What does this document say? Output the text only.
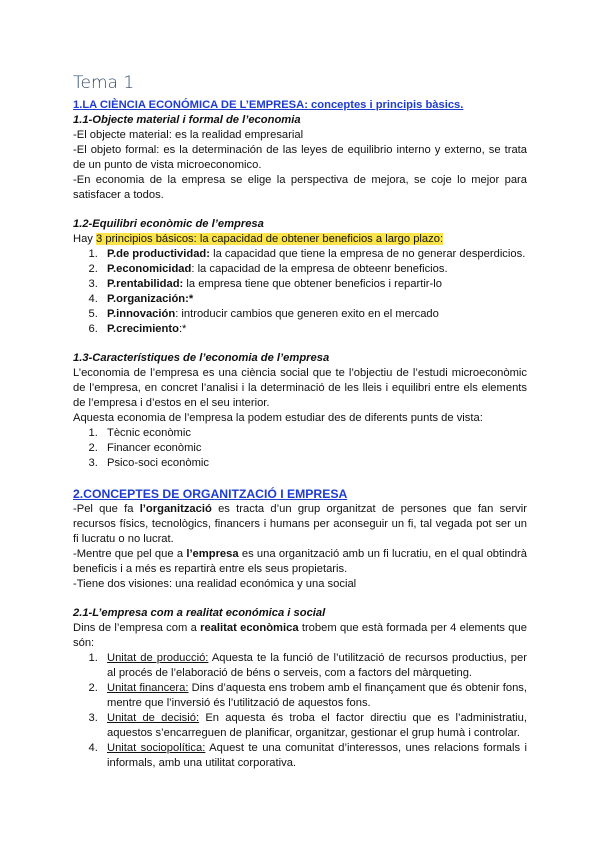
Tema 1

1.LA CIÈNCIA ECONÓMICA DE L’EMPRESA: conceptes i principis bàsics.

1.1-Objecte material i formal de l’economia

-El objecte material: es la realidad empresarial

-El objeto formal: es la determinación de las leyes de equilibrio interno y externo, se trata de un punto de vista microeconomico.

-En economia de la empresa se elige la perspectiva de mejora, se coje lo mejor para satisfacer a todos.

1.2-Equilibri econòmic de l’empresa

Hay 3 principios básicos: la capacidad de obtener beneficios a largo plazo:

1. P.de productividad: la capacidad que tiene la empresa de no generar desperdicios.
2. P.economicidad: la capacidad de la empresa de obteenr beneficios.
3. P.rentabilidad: la empresa tiene que obtener beneficios i repartir-lo
4. P.organización:*
5. P.innovación: introducir cambios que generen exito en el mercado
6. P.crecimiento:*

1.3-Característiques de l’economia de l’empresa

L’economia de l’empresa es una ciència social que te l’objectiu de l’estudi microeconòmic de l’empresa, en concret l’analisi i la determinació de les lleis i equilibri entre els elements de l’empresa i d’estos en el seu interior.

Aquesta economia de l’empresa la podem estudiar des de diferents punts de vista:

1. Tècnic econòmic
2. Financer econòmic
3. Psico-soci econòmic

2.CONCEPTES DE ORGANITZACIÓ I EMPRESA

-Pel que fa l’organització es tracta d’un grup organitzat de persones que fan servir recursos físics, tecnològics, financers i humans per aconseguir un fi, tal vegada pot ser un fi lucratu o no lucrat.

-Mentre que pel que a l’empresa es una organització amb un fi lucratiu, en el qual obtindrà beneficis i a més es repartirà entre els seus propietaris.

-Tiene dos visiones: una realidad económica y una social

2.1-L’empresa com a realitat económica i social

Dins de l’empresa com a realitat econòmica trobem que està formada per 4 elements que són:

1. Unitat de producció: Aquesta te la funció de l’utilització de recursos productius, per al procés de l’elaboració de béns o serveis, com a factors del màrqueting.
2. Unitat financera: Dins d’aquesta ens trobem amb el finançament que és obtenir fons, mentre que l’inversió és l’utilització de aquestos fons.
3. Unitat de decisió: En aquesta és troba el factor directiu que es l’administratiu, aquestos s’encarreguen de planificar, organitzar, gestionar el grup humà i controlar.
4. Unitat sociopolítica: Aquest te una comunitat d’interessos, unes relacions formals i informals, amb una utilitat corporativa.
